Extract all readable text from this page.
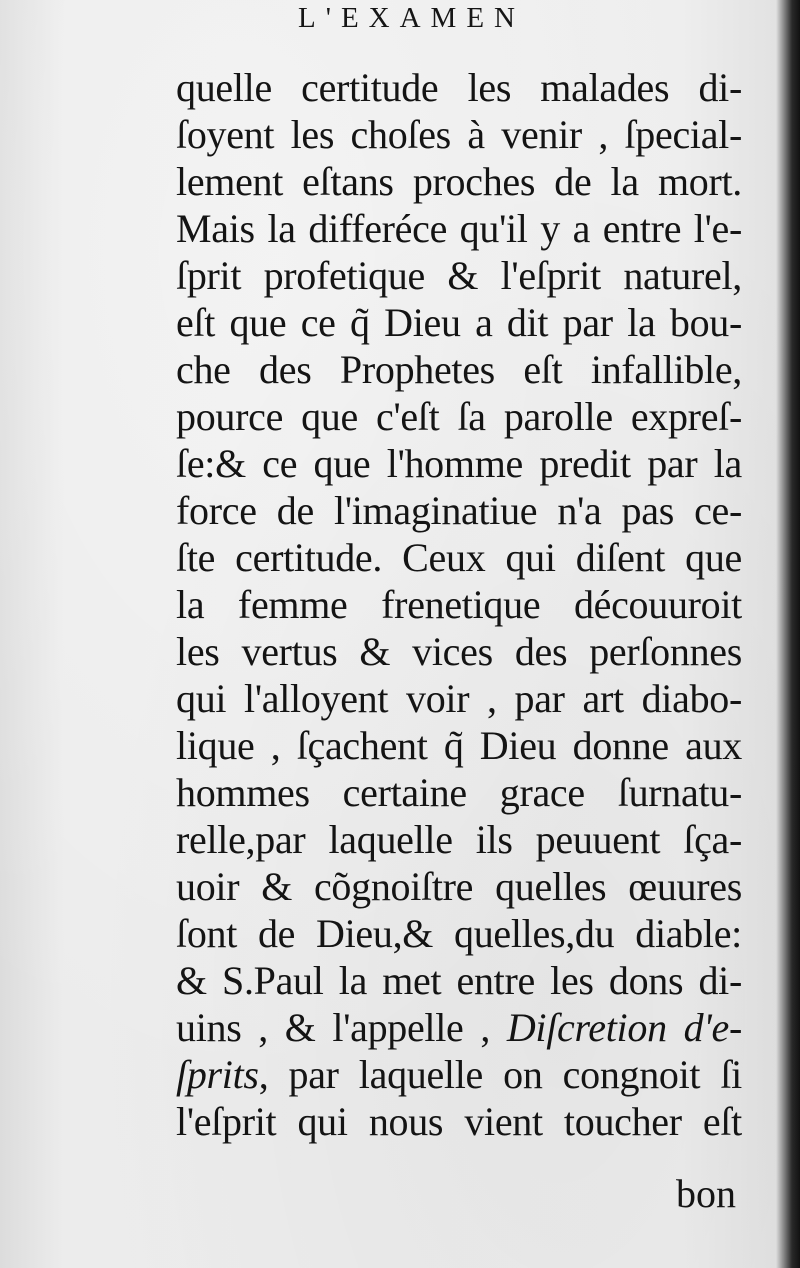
L'EXAMEN
quelle certitude les malades di-
ſoyent les choſes à venir , ſpecial-
lement eſtans proches de la mort.
Mais la differéce qu'il y a entre l'e-
ſprit profetique & l'eſprit naturel,
eſt que ce q̃ Dieu a dit par la bou-
che des Prophetes eſt infallible,
pource que c'eſt ſa parolle expreſ-
ſe:& ce que l'homme predit par la
force de l'imaginatiue n'a pas ce-
ſte certitude. Ceux qui diſent que
la femme frenetique découuroit
les vertus & vices des perſonnes
qui l'alloyent voir , par art diabo-
lique , ſçachent q̃ Dieu donne aux
hommes certaine grace ſurnatu-
relle,par laquelle ils peuuent ſça-
uoir & cõgnoiſtre quelles œuures
ſont de Dieu,& quelles,du diable:
& S.Paul la met entre les dons di-
uins , & l'appelle , Diſcretion d'e-
ſprits, par laquelle on congnoit ſi
l'eſprit qui nous vient toucher eſt
bon
